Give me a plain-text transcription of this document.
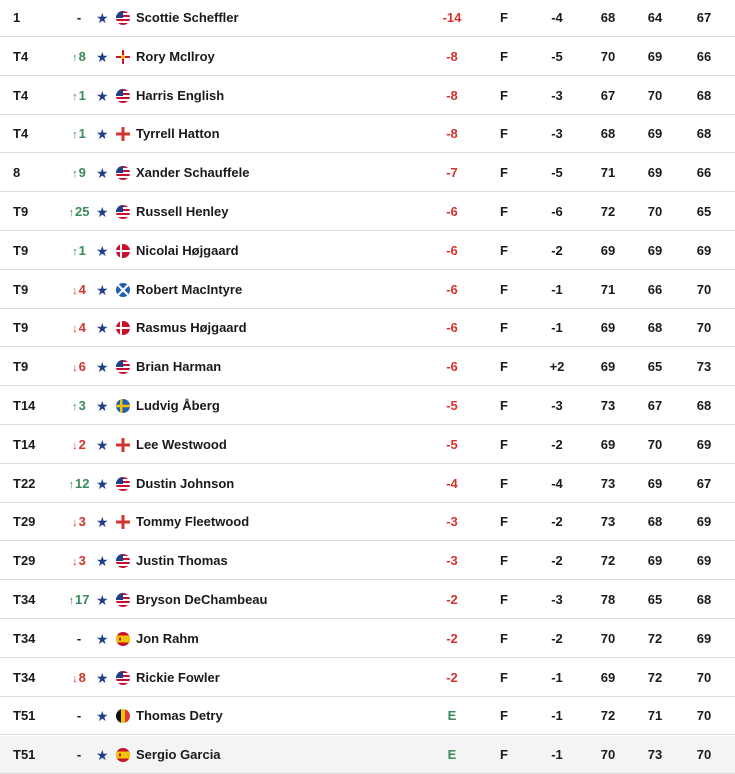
1	-	★ Scottie Scheffler	-14	F	-4	68	64	67
T4	↑8 ★ Rory McIlroy	-8	F	-5	70	69	66
T4	↑1 ★ Harris English	-8	F	-3	67	70	68
T4	↑1 ★ Tyrrell Hatton	-8	F	-3	68	69	68
8	↑9 ★ Xander Schauffele	-7	F	-5	71	69	66
T9	↑25 ★ Russell Henley	-6	F	-6	72	70	65
T9	↑1 ★ Nicolai Højgaard	-6	F	-2	69	69	69
T9	↓4 ★ Robert MacIntyre	-6	F	-1	71	66	70
T9	↓4 ★ Rasmus Højgaard	-6	F	-1	69	68	70
T9	↓6 ★ Brian Harman	-6	F	+2	69	65	73
T14	↑3 ★ Ludvig Åberg	-5	F	-3	73	67	68
T14	↓2 ★ Lee Westwood	-5	F	-2	69	70	69
T22	↑12 ★ Dustin Johnson	-4	F	-4	73	69	67
T29	↓3 ★ Tommy Fleetwood	-3	F	-2	73	68	69
T29	↓3 ★ Justin Thomas	-3	F	-2	72	69	69
T34	↑17 ★ Bryson DeChambeau	-2	F	-3	78	65	68
T34	-	★ Jon Rahm	-2	F	-2	70	72	69
T34	↓8 ★ Rickie Fowler	-2	F	-1	69	72	70
T51	-	★ Thomas Detry	E	F	-1	72	71	70
T51	-	★ Sergio Garcia	E	F	-1	70	73	70
